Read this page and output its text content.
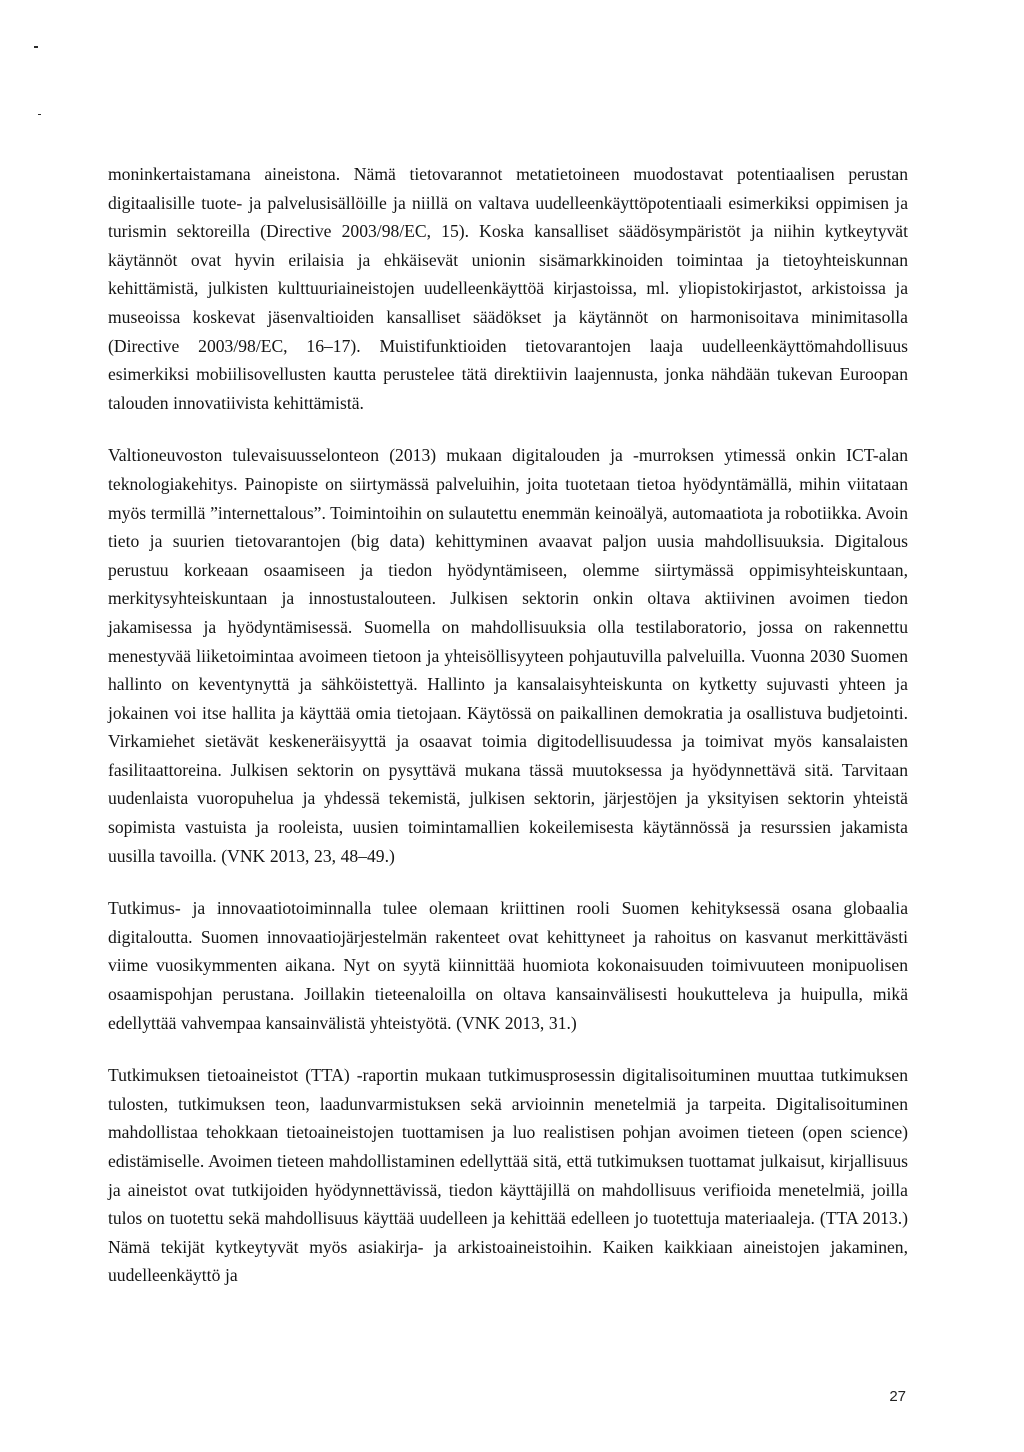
moninkertaistamana aineistona. Nämä tietovarannot metatietoineen muodostavat potentiaalisen perustan digitaalisille tuote- ja palvelusisällöille ja niillä on valtava uudelleenkäyttöpotentiaali esimerkiksi oppimisen ja turismin sektoreilla (Directive 2003/98/EC, 15). Koska kansalliset säädösympäristöt ja niihin kytkeytyvät käytännöt ovat hyvin erilaisia ja ehkäisevät unionin sisämarkkinoiden toimintaa ja tietoyhteiskunnan kehittämistä, julkisten kulttuuriaineistojen uudelleenkäyttöä kirjastoissa, ml. yliopistokirjastot, arkistoissa ja museoissa koskevat jäsenvaltioiden kansalliset säädökset ja käytännöt on harmonisoitava minimitasolla (Directive 2003/98/EC, 16–17). Muistifunktioiden tietovarantojen laaja uudelleenkäyttömahdollisuus esimerkiksi mobiilisovellusten kautta perustelee tätä direktiivin laajennusta, jonka nähdään tukevan Euroopan talouden innovatiivista kehittämistä.

Valtioneuvoston tulevaisuusselonteon (2013) mukaan digitalouden ja -murroksen ytimessä onkin ICT-alan teknologiakehitys. Painopiste on siirtymässä palveluihin, joita tuotetaan tietoa hyödyntämällä, mihin viitataan myös termillä ”internettalous”. Toimintoihin on sulautettu enemmän keinoälyä, automaatiota ja robotiikka. Avoin tieto ja suurien tietovarantojen (big data) kehittyminen avaavat paljon uusia mahdollisuuksia. Digitalous perustuu korkeaan osaamiseen ja tiedon hyödyntämiseen, olemme siirtymässä oppimisyhteiskuntaan, merkitysyhteiskuntaan ja innostustalouteen. Julkisen sektorin onkin oltava aktiivinen avoimen tiedon jakamisessa ja hyödyntämisessä. Suomella on mahdollisuuksia olla testilaboratorio, jossa on rakennettu menestyvää liiketoimintaa avoimeen tietoon ja yhteisöllisyyteen pohjautuvilla palveluilla. Vuonna 2030 Suomen hallinto on keventynyttä ja sähköistettyä. Hallinto ja kansalaisyhteiskunta on kytketty sujuvasti yhteen ja jokainen voi itse hallita ja käyttää omia tietojaan. Käytössä on paikallinen demokratia ja osallistuva budjetointi. Virkamiehet sietävät keskeneräisyyttä ja osaavat toimia digitodellisuudessa ja toimivat myös kansalaisten fasilitaattoreina. Julkisen sektorin on pysyttävä mukana tässä muutoksessa ja hyödynnettävä sitä. Tarvitaan uudenlaista vuoropuhelua ja yhdessä tekemistä, julkisen sektorin, järjestöjen ja yksityisen sektorin yhteistä sopimista vastuista ja rooleista, uusien toimintamallien kokeilemisesta käytännössä ja resurssien jakamista uusilla tavoilla. (VNK 2013, 23, 48–49.)

Tutkimus- ja innovaatiotoiminnalla tulee olemaan kriittinen rooli Suomen kehityksessä osana globaalia digitaloutta. Suomen innovaatiojärjestelmän rakenteet ovat kehittyneet ja rahoitus on kasvanut merkittävästi viime vuosikymmenten aikana. Nyt on syytä kiinnittää huomiota kokonaisuuden toimivuuteen monipuolisen osaamispohjan perustana. Joillakin tieteenaloilla on oltava kansainvälisesti houkutteleva ja huipulla, mikä edellyttää vahvempaa kansainvälistä yhteistyötä. (VNK 2013, 31.)

Tutkimuksen tietoaineistot (TTA) -raportin mukaan tutkimusprosessin digitalisoituminen muuttaa tutkimuksen tulosten, tutkimuksen teon, laadunvarmistuksen sekä arvioinnin menetelmiä ja tarpeita. Digitalisoituminen mahdollistaa tehokkaan tietoaineistojen tuottamisen ja luo realistisen pohjan avoimen tieteen (open science) edistämiselle. Avoimen tieteen mahdollistaminen edellyttää sitä, että tutkimuksen tuottamat julkaisut, kirjallisuus ja aineistot ovat tutkijoiden hyödynnettävissä, tiedon käyttäjillä on mahdollisuus verifioida menetelmiä, joilla tulos on tuotettu sekä mahdollisuus käyttää uudelleen ja kehittää edelleen jo tuotettuja materiaaleja. (TTA 2013.) Nämä tekijät kytkeytyvät myös asiakirja- ja arkistoaineistoihin. Kaiken kaikkiaan aineistojen jakaminen, uudelleenkäyttö ja

27
